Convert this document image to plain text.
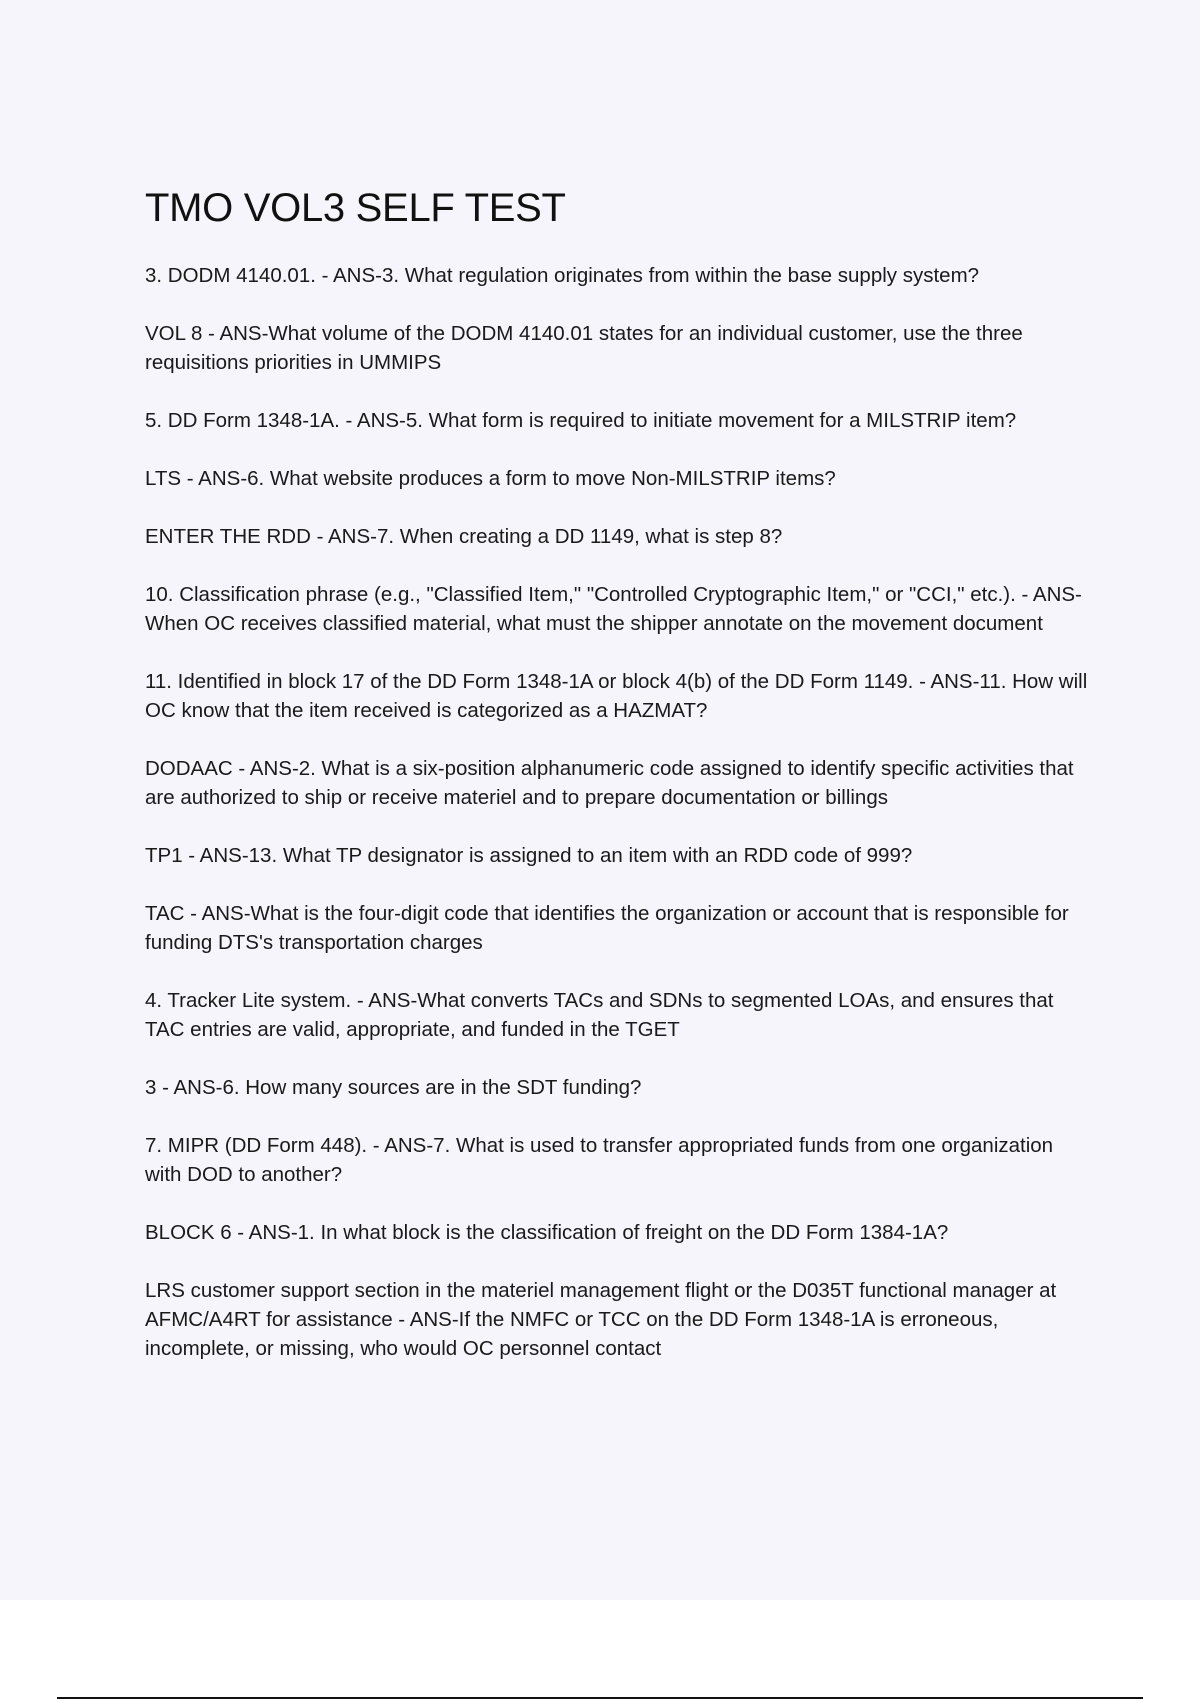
TMO VOL3 SELF TEST
3. DODM 4140.01. - ANS-3. What regulation originates from within the base supply system?
VOL 8 - ANS-What volume of the DODM 4140.01 states for an individual customer, use the three requisitions priorities in UMMIPS
5. DD Form 1348-1A. - ANS-5. What form is required to initiate movement for a MILSTRIP item?
LTS - ANS-6. What website produces a form to move Non-MILSTRIP items?
ENTER THE RDD - ANS-7. When creating a DD 1149, what is step 8?
10. Classification phrase (e.g., "Classified Item," "Controlled Cryptographic Item," or "CCI," etc.). - ANS-When OC receives classified material, what must the shipper annotate on the movement document
11. Identified in block 17 of the DD Form 1348-1A or block 4(b) of the DD Form 1149. - ANS-11. How will OC know that the item received is categorized as a HAZMAT?
DODAAC - ANS-2. What is a six-position alphanumeric code assigned to identify specific activities that are authorized to ship or receive materiel and to prepare documentation or billings
TP1 - ANS-13. What TP designator is assigned to an item with an RDD code of 999?
TAC - ANS-What is the four-digit code that identifies the organization or account that is responsible for funding DTS's transportation charges
4. Tracker Lite system. - ANS-What converts TACs and SDNs to segmented LOAs, and ensures that TAC entries are valid, appropriate, and funded in the TGET
3 - ANS-6. How many sources are in the SDT funding?
7. MIPR (DD Form 448). - ANS-7. What is used to transfer appropriated funds from one organization with DOD to another?
BLOCK 6 - ANS-1. In what block is the classification of freight on the DD Form 1384-1A?
LRS customer support section in the materiel management flight or the D035T functional manager at AFMC/A4RT for assistance - ANS-If the NMFC or TCC on the DD Form 1348-1A is erroneous, incomplete, or missing, who would OC personnel contact
